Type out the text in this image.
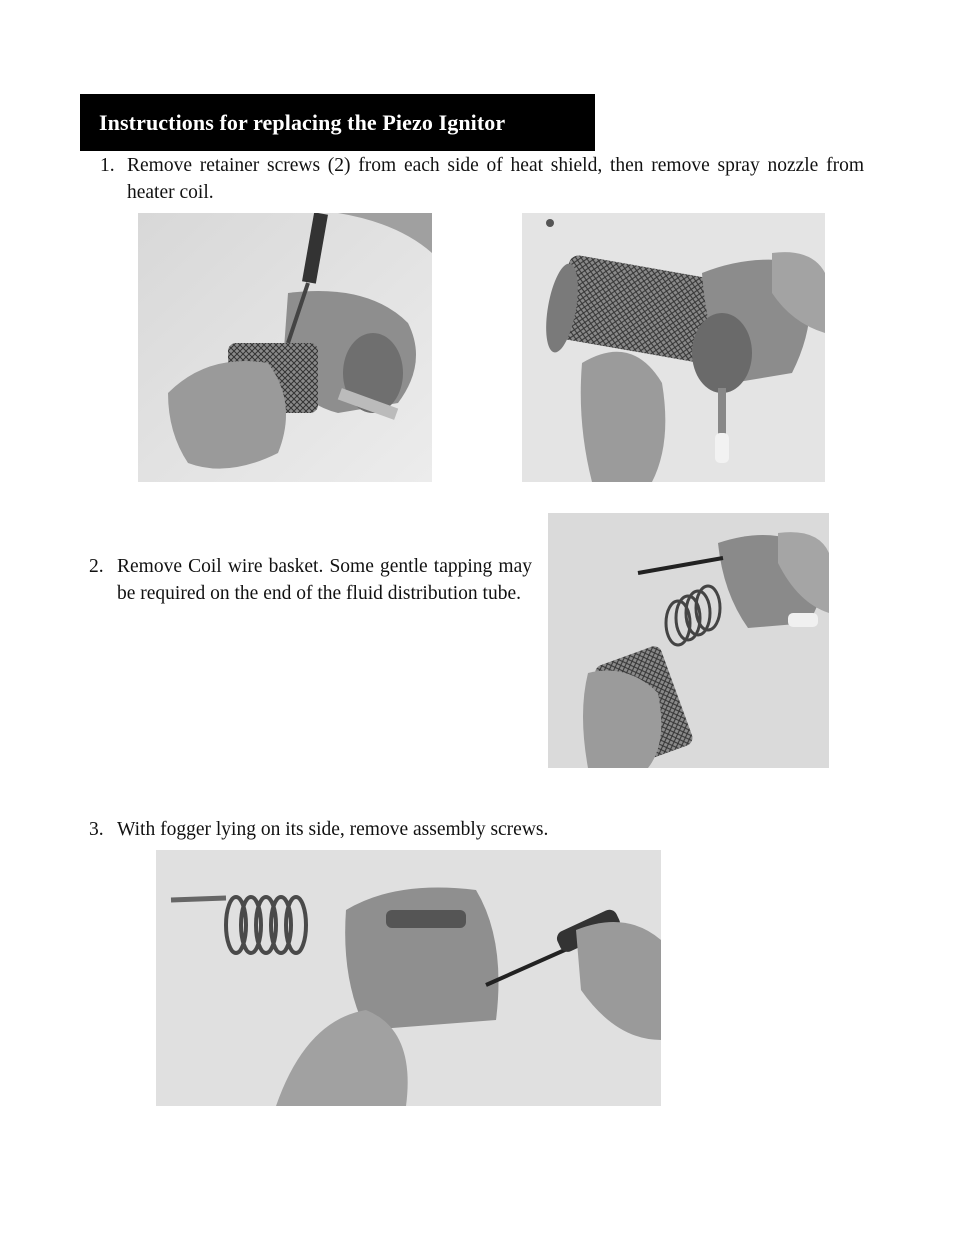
Instructions for replacing the Piezo Ignitor
1. Remove retainer screws (2) from each side of heat shield, then remove spray nozzle from heater coil.
2. Remove Coil wire basket. Some gentle tapping may be required on the end of the fluid distribution tube.
3. With fogger lying on its side, remove assembly screws.
